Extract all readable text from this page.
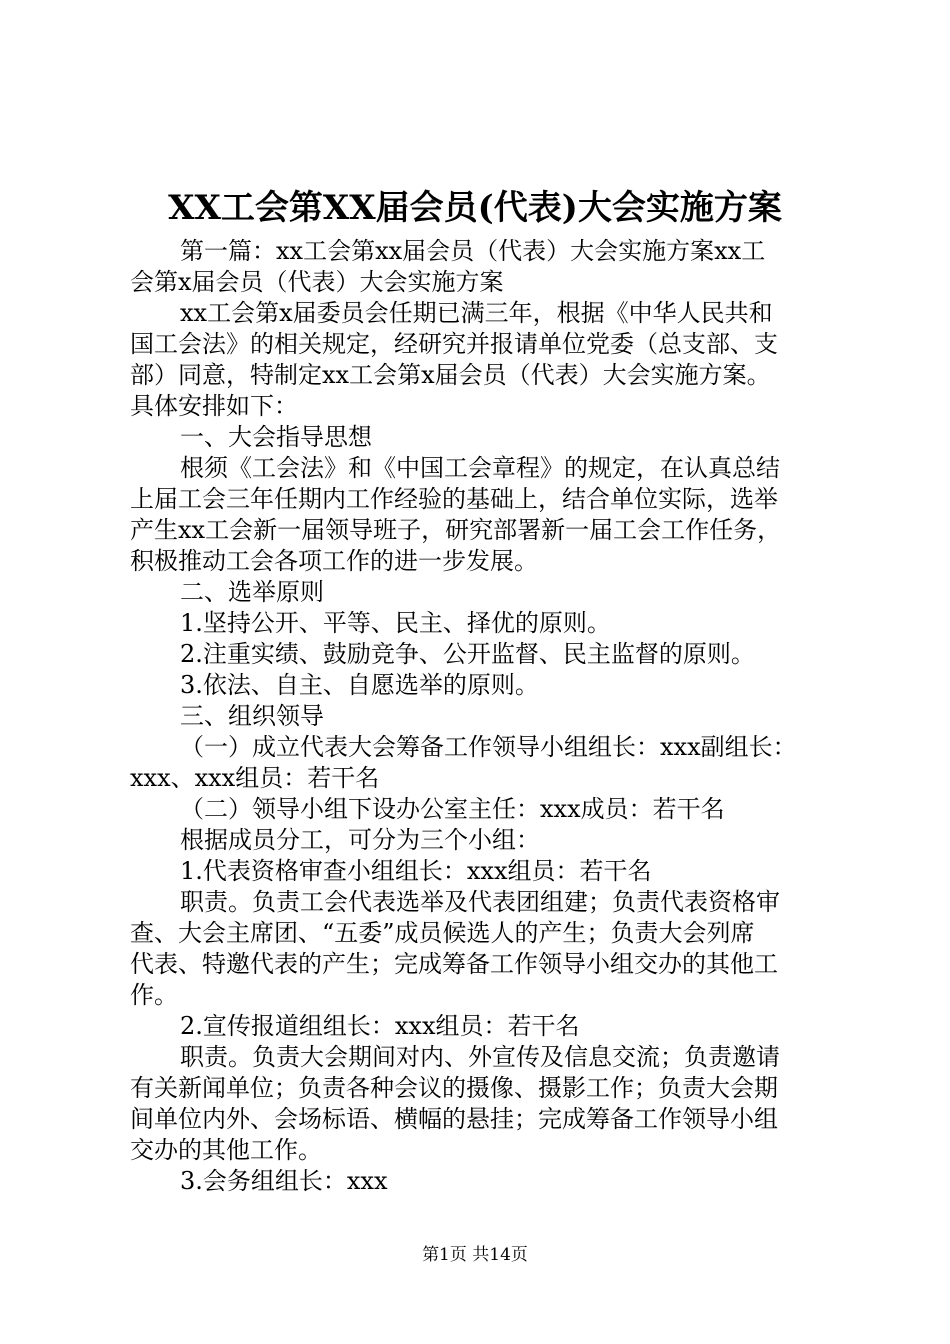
XX工会第XX届会员(代表)大会实施方案
第一篇：xx工会第xx届会员（代表）大会实施方案xx工
会第x届会员（代表）大会实施方案
xx工会第x届委员会任期已满三年，根据《中华人民共和
国工会法》的相关规定，经研究并报请单位党委（总支部、支
部）同意，特制定xx工会第x届会员（代表）大会实施方案。
具体安排如下：
一、大会指导思想
根须《工会法》和《中国工会章程》的规定，在认真总结
上届工会三年任期内工作经验的基础上，结合单位实际，选举
产生xx工会新一届领导班子，研究部署新一届工会工作任务，
积极推动工会各项工作的进一步发展。
二、选举原则
1.坚持公开、平等、民主、择优的原则。
2.注重实绩、鼓励竞争、公开监督、民主监督的原则。
3.依法、自主、自愿选举的原则。
三、组织领导
（一）成立代表大会筹备工作领导小组组长：xxx副组长：
xxx、xxx组员：若干名
（二）领导小组下设办公室主任：xxx成员：若干名
根据成员分工，可分为三个小组：
1.代表资格审查小组组长：xxx组员：若干名
职责。负责工会代表选举及代表团组建；负责代表资格审
查、大会主席团、“五委”成员候选人的产生；负责大会列席
代表、特邀代表的产生；完成筹备工作领导小组交办的其他工
作。
2.宣传报道组组长：xxx组员：若干名
职责。负责大会期间对内、外宣传及信息交流；负责邀请
有关新闻单位；负责各种会议的摄像、摄影工作；负责大会期
间单位内外、会场标语、横幅的悬挂；完成筹备工作领导小组
交办的其他工作。
3.会务组组长：xxx
第1页 共14页
